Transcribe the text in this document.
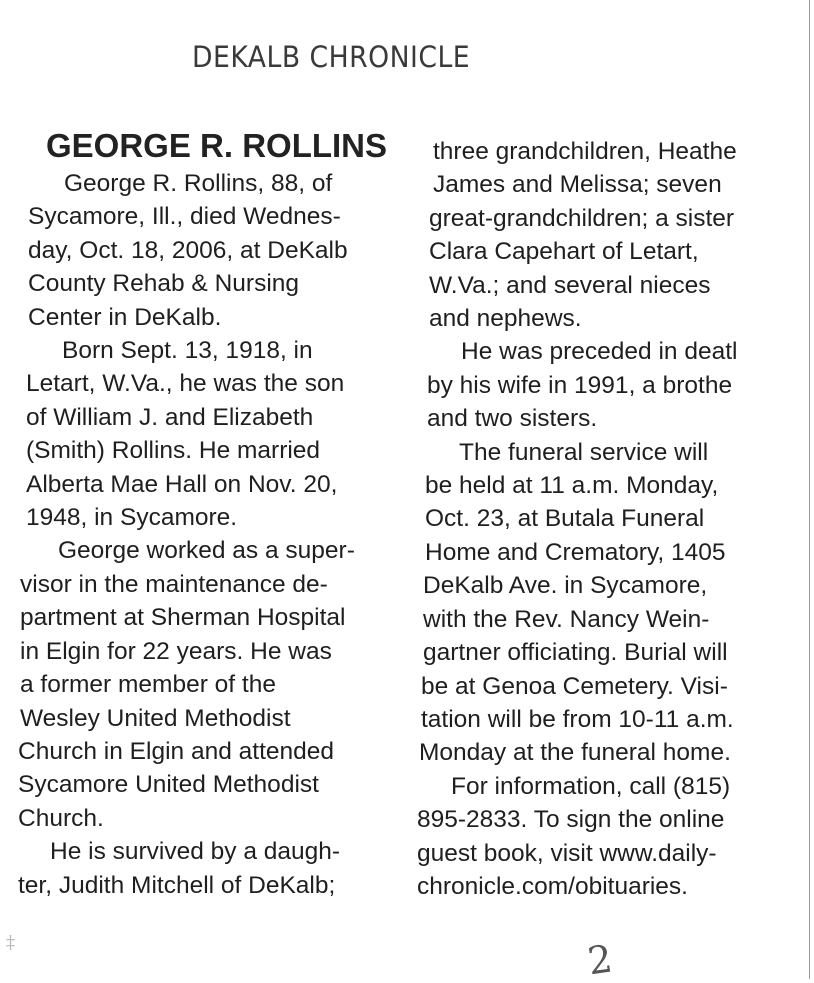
DEKALB CHRONICLE
GEORGE R. ROLLINS

George R. Rollins, 88, of
Sycamore, Ill., died Wednes-
day, Oct. 18, 2006, at DeKalb
County Rehab & Nursing
Center in DeKalb.

Born Sept. 13, 1918, in
Letart, W.Va., he was the son
of William J. and Elizabeth
(Smith) Rollins. He married
Alberta Mae Hall on Nov. 20,
1948, in Sycamore.

George worked as a super-
visor in the maintenance de-
partment at Sherman Hospital
in Elgin for 22 years. He was
a former member of the
Wesley United Methodist
Church in Elgin and attended
Sycamore United Methodist
Church.

He is survived by a daugh-
ter, Judith Mitchell of DeKalb;

three grandchildren, Heathe
James and Melissa; seven
great-grandchildren; a sister
Clara Capehart of Letart,
W.Va.; and several nieces
and nephews.

He was preceded in deatl
by his wife in 1991, a brothe
and two sisters.

The funeral service will
be held at 11 a.m. Monday,
Oct. 23, at Butala Funeral
Home and Crematory, 1405
DeKalb Ave. in Sycamore,
with the Rev. Nancy Wein-
gartner officiating. Burial will
be at Genoa Cemetery. Visi-
tation will be from 10-11 a.m.
Monday at the funeral home.

For information, call (815)
895-2833. To sign the online
guest book, visit www.daily-
chronicle.com/obituaries.

‡	2
